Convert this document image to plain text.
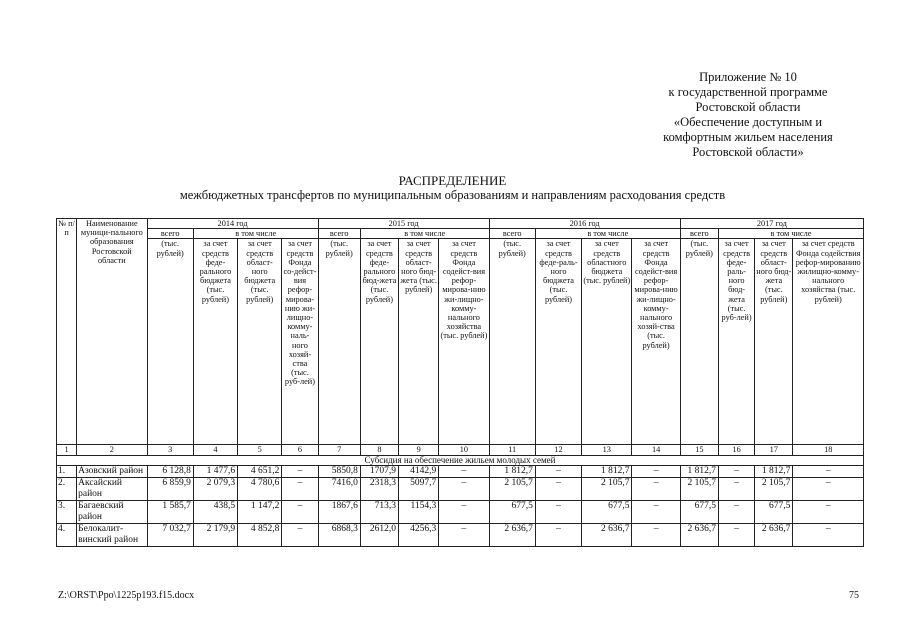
Приложение № 10
к государственной программе
Ростовской области
«Обеспечение доступным и
комфортным жильем населения
Ростовской области»
РАСПРЕДЕЛЕНИЕ
межбюджетных трансфертов по муниципальным образованиям и направлениям расходования средств
№ п/п	Наименование муници-пального образования Ростовской области	2014 год				2015 год				2016 год				2017 год			
		всего	в том числе			всего	в том числе			всего	в том числе			всего	в том числе		
		(тыс. рублей)	за счет средств феде-рального бюджета (тыс. рублей)	за счет средств област-ного бюджета (тыс. рублей)	за счет средств Фонда со-дейст-вия рефор-мирова-нию жи-лищно-комму-наль-ного хозяй-ства (тыс. руб-лей)	(тыс. рублей)	за счет средств феде-рального бюд-жета (тыс. рублей)	за счет средств област-ного бюд-жета (тыс. рублей)	за счет средств Фонда содейст-вия рефор-мирова-нию жи-лищно-комму-нального хозяйства (тыс. рублей)	(тыс. рублей)	за счет средств феде-раль-ного бюджета (тыс. рублей)	за счет средств областного бюджета (тыс. рублей)	за счет средств Фонда содейст-вия рефор-мирова-нию жи-лищно-комму-нального хозяй-ства (тыс. рублей)	(тыс. рублей)	за счет средств феде-раль-ного бюд-жета (тыс. руб-лей)	за счет средств област-ного бюд-жета (тыс. рублей)	за счет средств Фонда содействия рефор-мированию жилищно-комму-нального хозяйства (тыс. рублей)
1	2	3	4	5	6	7	8	9	10	11	12	13	14	15	16	17	18
Субсидия на обеспечение жильем молодых семей																	
1.	Азовский район	6 128,8	1 477,6	4 651,2	–	5850,8	1707,9	4142,9	–	1 812,7	–	1 812,7	–	1 812,7	–	1 812,7	–
2.	Аксайский район	6 859,9	2 079,3	4 780,6	–	7416,0	2318,3	5097,7	–	2 105,7	–	2 105,7	–	2 105,7	–	2 105,7	–
3.	Багаевский район	1 585,7	438,5	1 147,2	–	1867,6	713,3	1154,3	–	677,5	–	677,5	–	677,5	–	677,5	–
4.	Белокалит-винский район	7 032,7	2 179,9	4 852,8	–	6868,3	2612,0	4256,3	–	2 636,7	–	2 636,7	–	2 636,7	–	2 636,7	–
Z:\ORST\Ppo\1225p193.f15.docx	75
